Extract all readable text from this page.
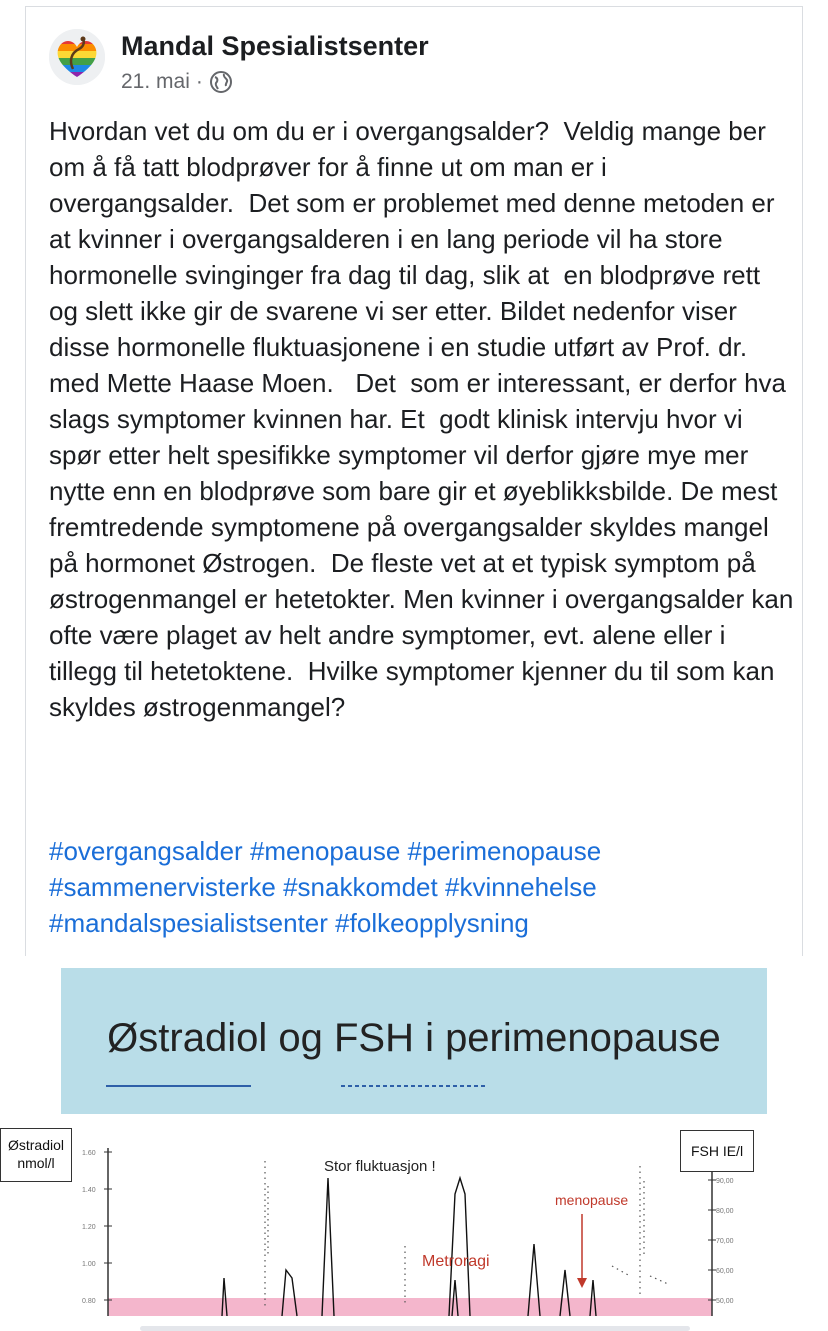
Mandal Spesialistsenter
21. mai ·
Hvordan vet du om du er i overgangsalder?  Veldig mange ber om å få tatt blodprøver for å finne ut om man er i overgangsalder.  Det som er problemet med denne metoden er at kvinner i overgangsalderen i en lang periode vil ha store hormonelle svinginger fra dag til dag, slik at  en blodprøve rett og slett ikke gir de svarene vi ser etter. Bildet nedenfor viser disse hormonelle fluktuasjonene i en studie utført av Prof. dr. med Mette Haase Moen.   Det  som er interessant, er derfor hva slags symptomer kvinnen har. Et  godt klinisk intervju hvor vi spør etter helt spesifikke symptomer vil derfor gjøre mye mer nytte enn en blodprøve som bare gir et øyeblikksbilde. De mest fremtredende symptomene på overgangsalder skyldes mangel på hormonet Østrogen.  De fleste vet at et typisk symptom på østrogenmangel er hetetokter. Men kvinner i overgangsalder kan ofte være plaget av helt andre symptomer, evt. alene eller i tillegg til hetetoktene.  Hvilke symptomer kjenner du til som kan skyldes østrogenmangel?
#overgangsalder #menopause #perimenopause
#sammenervisterke #snakkomdet #kvinnehelse
#mandalspesialistsenter #folkeopplysning
Østradiol og FSH i perimenopause
Østradiol
nmol/l
FSH IE/l
1.60
1.40
1.20
1.00
0.80
90,00
80,00
70,00
60,00
50,00
Stor fluktuasjon !
Metroragi
menopause
